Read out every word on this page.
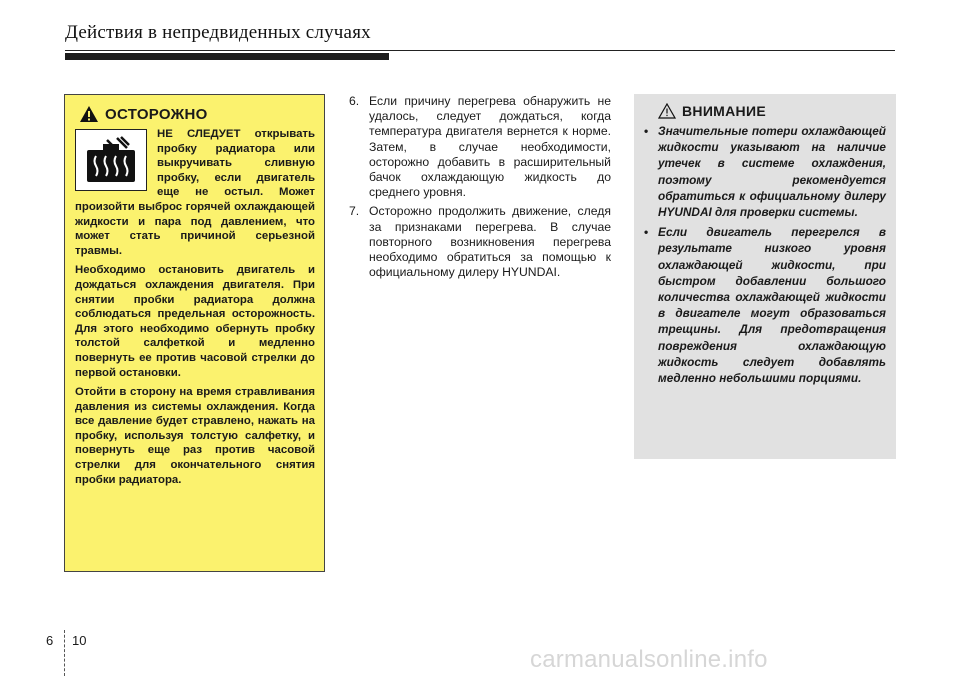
Действия в непредвиденных случаях
ОСТОРОЖНО

НЕ СЛЕДУЕТ открывать пробку радиатора или выкручивать сливную пробку, если двигатель еще не остыл. Может произойти выброс горячей охлаждающей жидкости и пара под давлением, что может стать причиной серьезной травмы.

Необходимо остановить двигатель и дождаться охлаждения двигателя. При снятии пробки радиатора должна соблюдаться предельная осторожность. Для этого необходимо обернуть пробку толстой салфеткой и медленно повернуть ее против часовой стрелки до первой остановки.

Отойти в сторону на время стравливания давления из системы охлаждения. Когда все давление будет стравлено, нажать на пробку, используя толстую салфетку, и повернуть еще раз против часовой стрелки для окончательного снятия пробки радиатора.

6. Если причину перегрева обнаружить не удалось, следует дождаться, когда температура двигателя вернется к норме. Затем, в случае необходимости, осторожно добавить в расширительный бачок охлаждающую жидкость до среднего уровня.
7. Осторожно продолжить движение, следя за признаками перегрева. В случае повторного возникновения перегрева необходимо обратиться за помощью к официальному дилеру HYUNDAI.
ВНИМАНИЕ
• Значительные потери охлаждающей жидкости указывают на наличие утечек в системе охлаждения, поэтому рекомендуется обратиться к официальному дилеру HYUNDAI для проверки системы.
• Если двигатель перегрелся в результате низкого уровня охлаждающей жидкости, при быстром добавлении большого количества охлаждающей жидкости в двигателе могут образоваться трещины. Для предотвращения повреждения охлаждающую жидкость следует добавлять медленно небольшими порциями.
6 10
carmanualsonline.info
